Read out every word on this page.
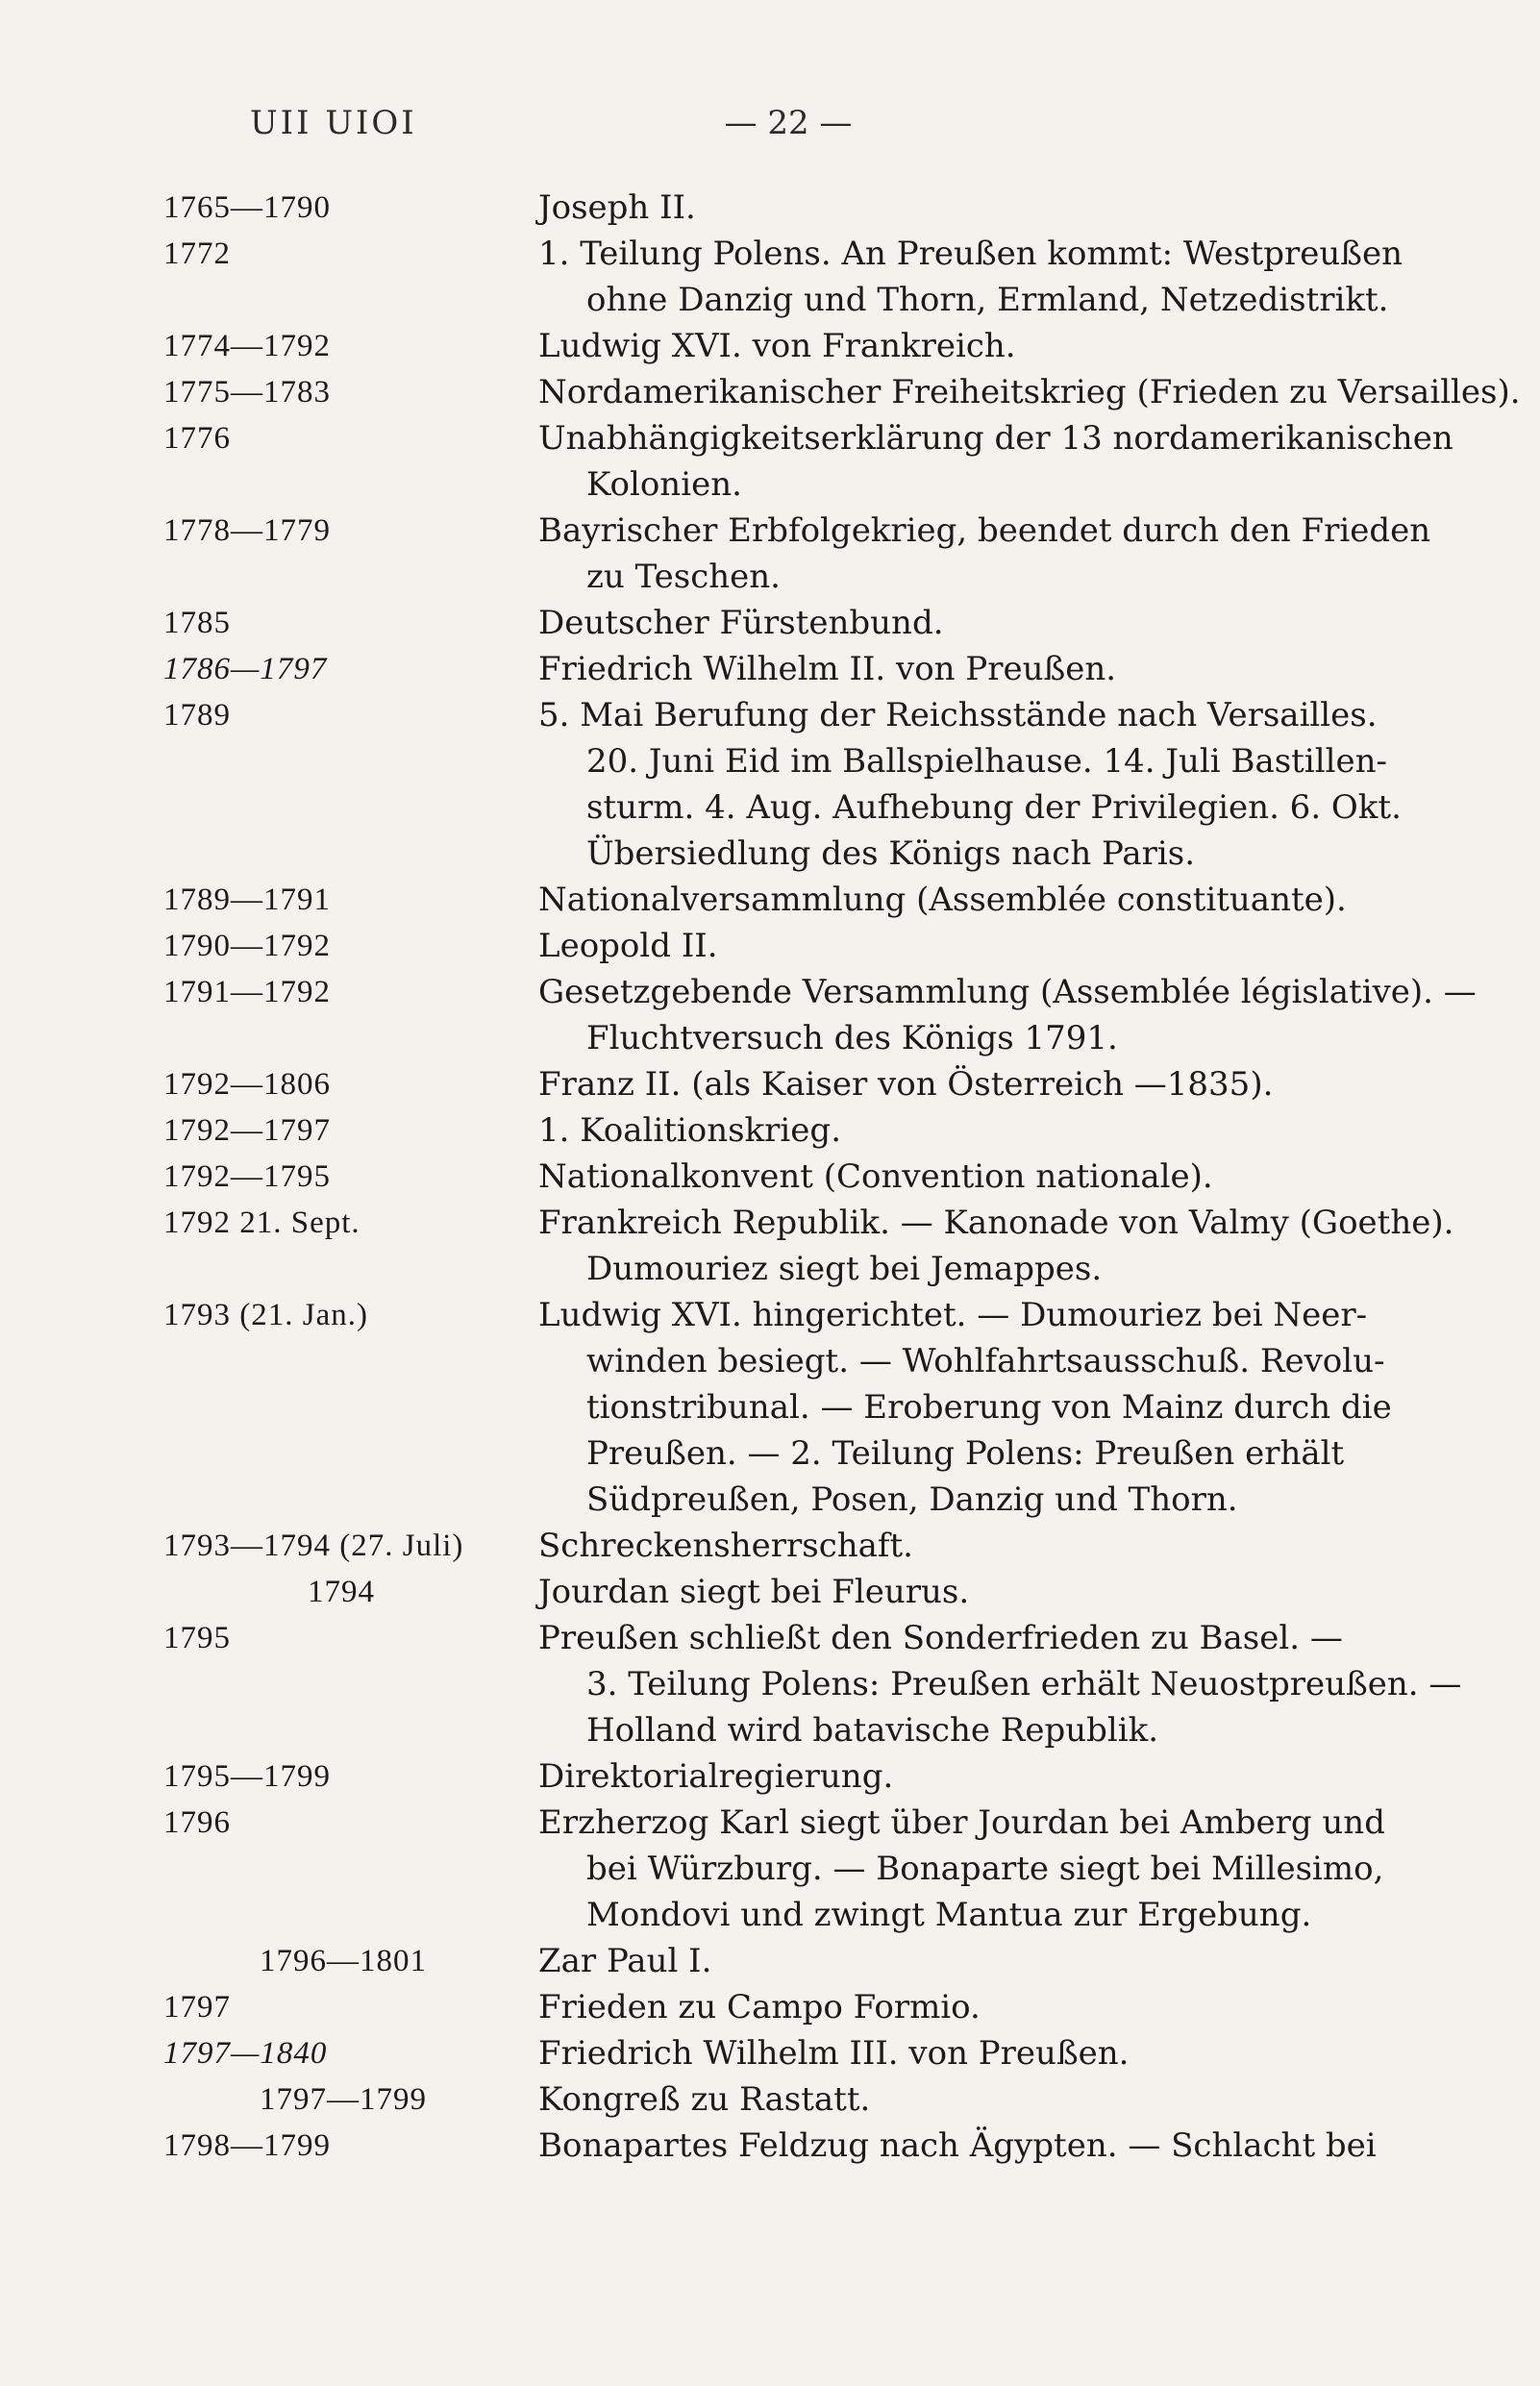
UII UIOI	— 22 —
1765—1790	Joseph II.
1772	1. Teilung Polens. An Preußen kommt: Westpreußen
ohne Danzig und Thorn, Ermland, Netzedistrikt.
1774—1792	Ludwig XVI. von Frankreich.
1775—1783	Nordamerikanischer Freiheitskrieg (Frieden zu Versailles).
1776	Unabhängigkeitserklärung der 13 nordamerikanischen
Kolonien.
1778—1779	Bayrischer Erbfolgekrieg, beendet durch den Frieden
zu Teschen.
1785	Deutscher Fürstenbund.
1786—1797	Friedrich Wilhelm II. von Preußen.
1789	5. Mai Berufung der Reichsstände nach Versailles.
20. Juni Eid im Ballspielhause. 14. Juli Bastillen-
sturm. 4. Aug. Aufhebung der Privilegien. 6. Okt.
Übersiedlung des Königs nach Paris.
1789—1791	Nationalversammlung (Assemblée constituante).
1790—1792	Leopold II.
1791—1792	Gesetzgebende Versammlung (Assemblée législative). —
Fluchtversuch des Königs 1791.
1792—1806	Franz II. (als Kaiser von Österreich —1835).
1792—1797	1. Koalitionskrieg.
1792—1795	Nationalkonvent (Convention nationale).
1792 21. Sept.	Frankreich Republik. — Kanonade von Valmy (Goethe).
Dumouriez siegt bei Jemappes.
1793 (21. Jan.)	Ludwig XVI. hingerichtet. — Dumouriez bei Neer-
winden besiegt. — Wohlfahrtsausschuß. Revolu-
tionstribunal. — Eroberung von Mainz durch die
Preußen. — 2. Teilung Polens: Preußen erhält
Südpreußen, Posen, Danzig und Thorn.
1793—1794 (27. Juli)	Schreckensherrschaft.
1794	Jourdan siegt bei Fleurus.
1795	Preußen schließt den Sonderfrieden zu Basel. —
3. Teilung Polens: Preußen erhält Neuostpreußen. —
Holland wird batavische Republik.
1795—1799	Direktorialregierung.
1796	Erzherzog Karl siegt über Jourdan bei Amberg und
bei Würzburg. — Bonaparte siegt bei Millesimo,
Mondovi und zwingt Mantua zur Ergebung.
1796—1801	Zar Paul I.
1797	Frieden zu Campo Formio.
1797—1840	Friedrich Wilhelm III. von Preußen.
1797—1799	Kongreß zu Rastatt.
1798—1799	Bonapartes Feldzug nach Ägypten. — Schlacht bei
